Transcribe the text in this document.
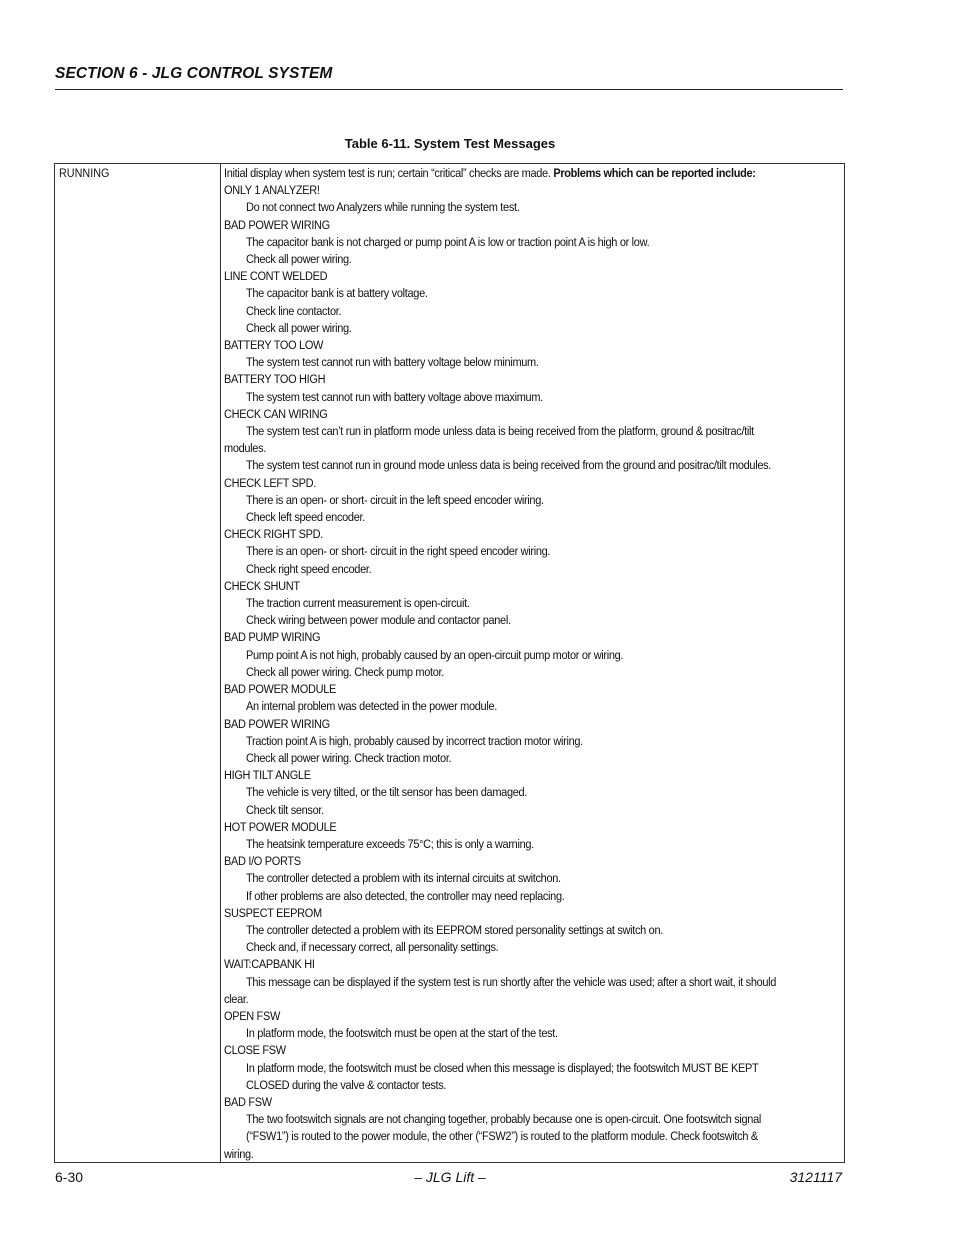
SECTION 6 - JLG CONTROL SYSTEM
Table 6-11. System Test Messages
RUNNING	Initial display when system test is run; certain “critical” checks are made. Problems which can be reported include:
ONLY 1 ANALYZER!
Do not connect two Analyzers while running the system test.
BAD POWER WIRING
The capacitor bank is not charged or pump point A is low or traction point A is high or low.
Check all power wiring.
LINE CONT WELDED
The capacitor bank is at battery voltage.
Check line contactor.
Check all power wiring.
BATTERY TOO LOW
The system test cannot run with battery voltage below minimum.
BATTERY TOO HIGH
The system test cannot run with battery voltage above maximum.
CHECK CAN WIRING
The system test can’t run in platform mode unless data is being received from the platform, ground & positrac/tilt
modules.
The system test cannot run in ground mode unless data is being received from the ground and positrac/tilt modules.
CHECK LEFT SPD.
There is an open- or short- circuit in the left speed encoder wiring.
Check left speed encoder.
CHECK RIGHT SPD.
There is an open- or short- circuit in the right speed encoder wiring.
Check right speed encoder.
CHECK SHUNT
The traction current measurement is open-circuit.
Check wiring between power module and contactor panel.
BAD PUMP WIRING
Pump point A is not high, probably caused by an open-circuit pump motor or wiring.
Check all power wiring. Check pump motor.
BAD POWER MODULE
An internal problem was detected in the power module.
BAD POWER WIRING
Traction point A is high, probably caused by incorrect traction motor wiring.
Check all power wiring. Check traction motor.
HIGH TILT ANGLE
The vehicle is very tilted, or the tilt sensor has been damaged.
Check tilt sensor.
HOT POWER MODULE
The heatsink temperature exceeds 75°C; this is only a warning.
BAD I/O PORTS
The controller detected a problem with its internal circuits at switchon.
If other problems are also detected, the controller may need replacing.
SUSPECT EEPROM
The controller detected a problem with its EEPROM stored personality settings at switch on.
Check and, if necessary correct, all personality settings.
WAIT:CAPBANK HI
This message can be displayed if the system test is run shortly after the vehicle was used; after a short wait, it should
clear.
OPEN FSW
In platform mode, the footswitch must be open at the start of the test.
CLOSE FSW
In platform mode, the footswitch must be closed when this message is displayed; the footswitch MUST BE KEPT
CLOSED during the valve & contactor tests.
BAD FSW
The two footswitch signals are not changing together, probably because one is open-circuit. One footswitch signal
(“FSW1”) is routed to the power module, the other (“FSW2”) is routed to the platform module. Check footswitch &
wiring.
6-30	– JLG Lift –	3121117
